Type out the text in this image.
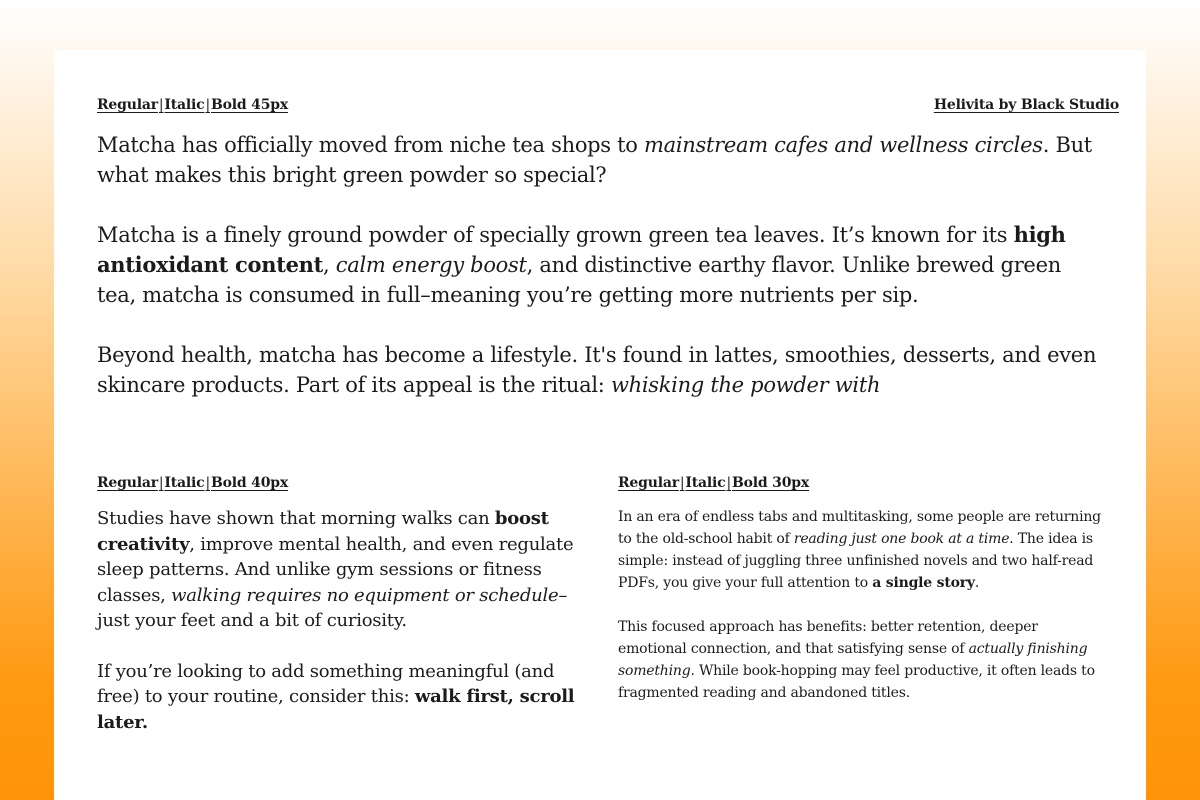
Regular|Italic|Bold 45px	Helivita by Black Studio

Matcha has officially moved from niche tea shops to mainstream cafes and wellness circles. But what makes this bright green powder so special?

Matcha is a finely ground powder of specially grown green tea leaves. It’s known for its high antioxidant content, calm energy boost, and distinctive earthy flavor. Unlike brewed green tea, matcha is consumed in full–meaning you’re getting more nutrients per sip.

Beyond health, matcha has become a lifestyle. It's found in lattes, smoothies, desserts, and even skincare products. Part of its appeal is the ritual: whisking the powder with

Regular|Italic|Bold 40px	Regular|Italic|Bold 30px

Studies have shown that morning walks can boost creativity, improve mental health, and even regulate sleep patterns. And unlike gym sessions or fitness classes, walking requires no equipment or schedule–just your feet and a bit of curiosity.

If you’re looking to add something meaningful (and free) to your routine, consider this: walk first, scroll later.

In an era of endless tabs and multitasking, some people are returning to the old-school habit of reading just one book at a time. The idea is simple: instead of juggling three unfinished novels and two half-read PDFs, you give your full attention to a single story.

This focused approach has benefits: better retention, deeper emotional connection, and that satisfying sense of actually finishing something. While book-hopping may feel productive, it often leads to fragmented reading and abandoned titles.
